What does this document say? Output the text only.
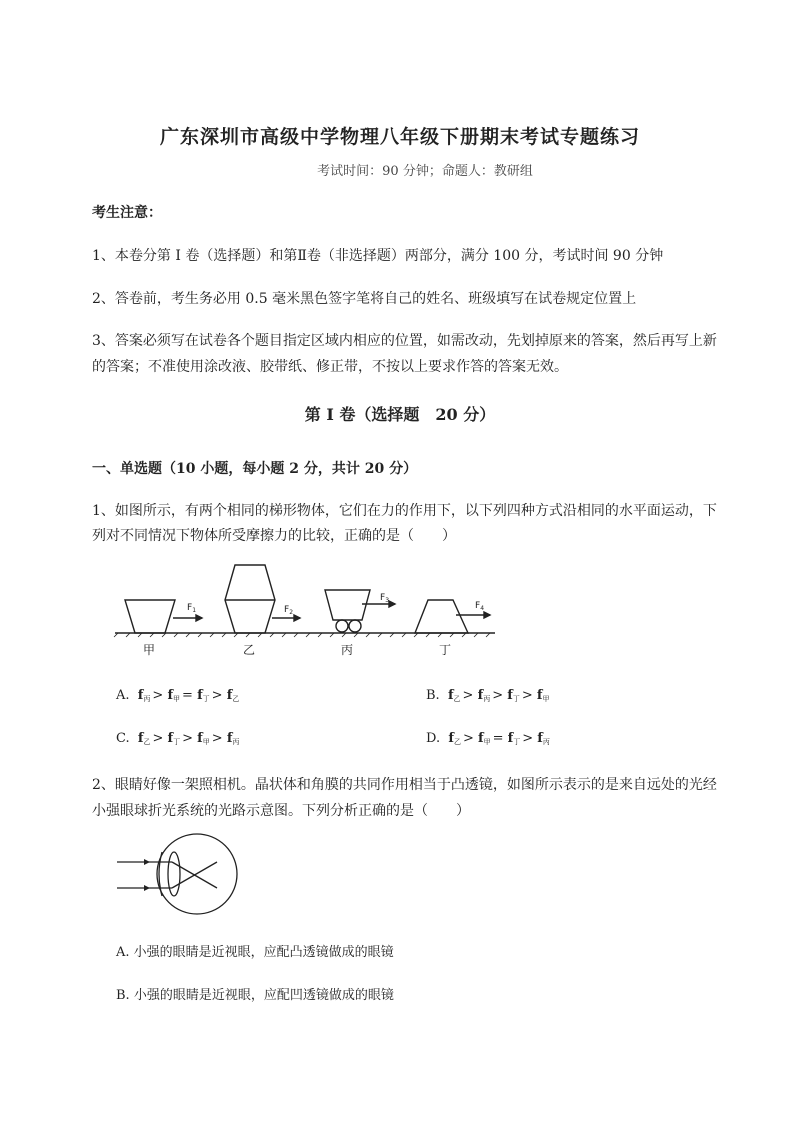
广东深圳市高级中学物理八年级下册期末考试专题练习
考试时间：90 分钟；命题人：教研组
考生注意：
1、本卷分第 I 卷（选择题）和第Ⅱ卷（非选择题）两部分，满分 100 分，考试时间 90 分钟
2、答卷前，考生务必用 0.5 毫米黑色签字笔将自己的姓名、班级填写在试卷规定位置上
3、答案必须写在试卷各个题目指定区域内相应的位置，如需改动，先划掉原来的答案，然后再写上新
的答案；不准使用涂改液、胶带纸、修正带，不按以上要求作答的答案无效。
第 I 卷（选择题　20 分）
一、单选题（10 小题，每小题 2 分，共计 20 分）
1、如图所示，有两个相同的梯形物体，它们在力的作用下，以下列四种方式沿相同的水平面运动，下
列对不同情况下物体所受摩擦力的比较，正确的是（　　）
$F_1$	$F_2$
$F_3$
$F_4$
甲	乙	丙	丁
A. $f_丙 > f_甲 = f_丁 > f_乙$	B. $f_乙 > f_丙 > f_丁 > f_甲$
C. $f_乙 > f_丁 > f_甲 > f_丙$	D. $f_乙 > f_甲 = f_丁 > f_丙$
2、眼睛好像一架照相机。晶状体和角膜的共同作用相当于凸透镜，如图所示表示的是来自远处的光经
小强眼球折光系统的光路示意图。下列分析正确的是（　　）
A. 小强的眼睛是近视眼，应配凸透镜做成的眼镜
B. 小强的眼睛是近视眼，应配凹透镜做成的眼镜
